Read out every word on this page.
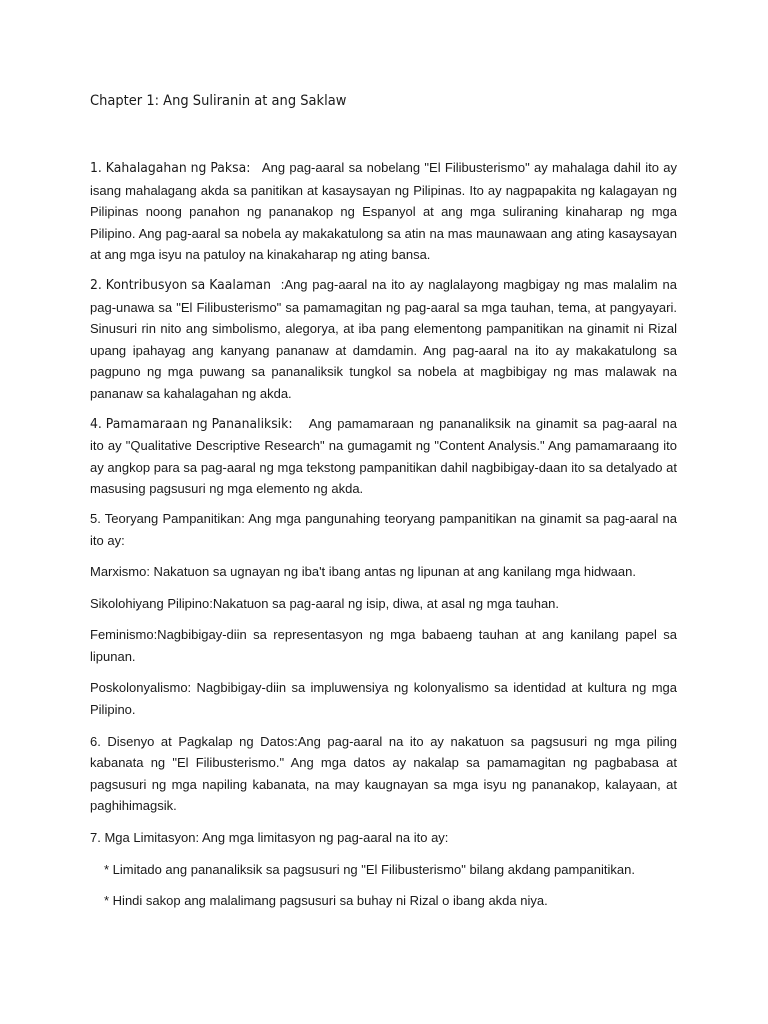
Chapter 1: Ang Suliranin at ang Saklaw

1. Kahalagahan ng Paksa: Ang pag-aaral sa nobelang "El Filibusterismo" ay mahalaga dahil ito ay isang mahalagang akda sa panitikan at kasaysayan ng Pilipinas. Ito ay nagpapakita ng kalagayan ng Pilipinas noong panahon ng pananakop ng Espanyol at ang mga suliraning kinaharap ng mga Pilipino. Ang pag-aaral sa nobela ay makakatulong sa atin na mas maunawaan ang ating kasaysayan at ang mga isyu na patuloy na kinakaharap ng ating bansa.

2. Kontribusyon sa Kaalaman :Ang pag-aaral na ito ay naglalayong magbigay ng mas malalim na pag-unawa sa "El Filibusterismo" sa pamamagitan ng pag-aaral sa mga tauhan, tema, at pangyayari. Sinusuri rin nito ang simbolismo, alegorya, at iba pang elementong pampanitikan na ginamit ni Rizal upang ipahayag ang kanyang pananaw at damdamin. Ang pag-aaral na ito ay makakatulong sa pagpuno ng mga puwang sa pananaliksik tungkol sa nobela at magbibigay ng mas malawak na pananaw sa kahalagahan ng akda.

4. Pamamaraan ng Pananaliksik: Ang pamamaraan ng pananaliksik na ginamit sa pag-aaral na ito ay "Qualitative Descriptive Research" na gumagamit ng "Content Analysis." Ang pamamaraang ito ay angkop para sa pag-aaral ng mga tekstong pampanitikan dahil nagbibigay-daan ito sa detalyado at masusing pagsusuri ng mga elemento ng akda.

5. Teoryang Pampanitikan: Ang mga pangunahing teoryang pampanitikan na ginamit sa pag-aaral na ito ay:

Marxismo: Nakatuon sa ugnayan ng iba't ibang antas ng lipunan at ang kanilang mga hidwaan.

Sikolohiyang Pilipino:Nakatuon sa pag-aaral ng isip, diwa, at asal ng mga tauhan.

Feminismo:Nagbibigay-diin sa representasyon ng mga babaeng tauhan at ang kanilang papel sa lipunan.

Poskolonyalismo: Nagbibigay-diin sa impluwensiya ng kolonyalismo sa identidad at kultura ng mga Pilipino.

6. Disenyo at Pagkalap ng Datos:Ang pag-aaral na ito ay nakatuon sa pagsusuri ng mga piling kabanata ng "El Filibusterismo." Ang mga datos ay nakalap sa pamamagitan ng pagbabasa at pagsusuri ng mga napiling kabanata, na may kaugnayan sa mga isyu ng pananakop, kalayaan, at paghihimagsik.

7. Mga Limitasyon: Ang mga limitasyon ng pag-aaral na ito ay:

* Limitado ang pananaliksik sa pagsusuri ng "El Filibusterismo" bilang akdang pampanitikan.
* Hindi sakop ang malalimang pagsusuri sa buhay ni Rizal o ibang akda niya.
